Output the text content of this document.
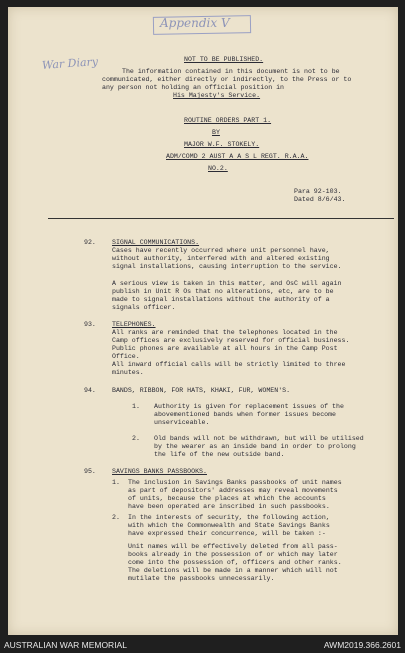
Appendix V
War Diary	NOT TO BE PUBLISHED.
The information contained in this document is not to be
communicated, either directly or indirectly, to the Press or to
any person not holding an official position in
His Majesty's Service.
ROUTINE ORDERS PART 1.
BY
MAJOR W.F. STOKELY.
ADM/COMD 2 AUST A A S L REGT. R.A.A.
NO.2.
Para 92-103.
Dated 8/6/43.
92. SIGNAL COMMUNICATIONS.
Cases have recently occurred where unit personnel have,
without authority, interfered with and altered existing
signal installations, causing interruption to the service.
A serious view is taken in this matter, and OsC will again
publish in Unit R Os that no alterations, etc, are to be
made to signal installations without the authority of a
signals officer.
93. TELEPHONES.
All ranks are reminded that the telephones located in the
Camp offices are exclusively reserved for official business.
Public phones are available at all hours in the Camp Post
Office.
All inward official calls will be strictly limited to three
minutes.
94. BANDS, RIBBON, FOR HATS, KHAKI, FUR, WOMEN'S.
1. Authority is given for replacement issues of the
abovementioned bands when former issues become
unserviceable.
2. Old bands will not be withdrawn, but will be utilised
by the wearer as an inside band in order to prolong
the life of the new outside band.
95. SAVINGS BANKS PASSBOOKS.
1. The inclusion in Savings Banks passbooks of unit names
as part of depositors' addresses may reveal movements
of units, because the places at which the accounts
have been operated are inscribed in such passbooks.
2. In the interests of security, the following action,
with which the Commonwealth and State Savings Banks
have expressed their concurrence, will be taken :-
Unit names will be effectively deleted from all pass-
books already in the possession of or which may later
come into the possession of, officers and other ranks.
The deletions will be made in a manner which will not
mutilate the passbooks unnecessarily.
AUSTRALIAN WAR MEMORIAL	AWM2019.366.2601
